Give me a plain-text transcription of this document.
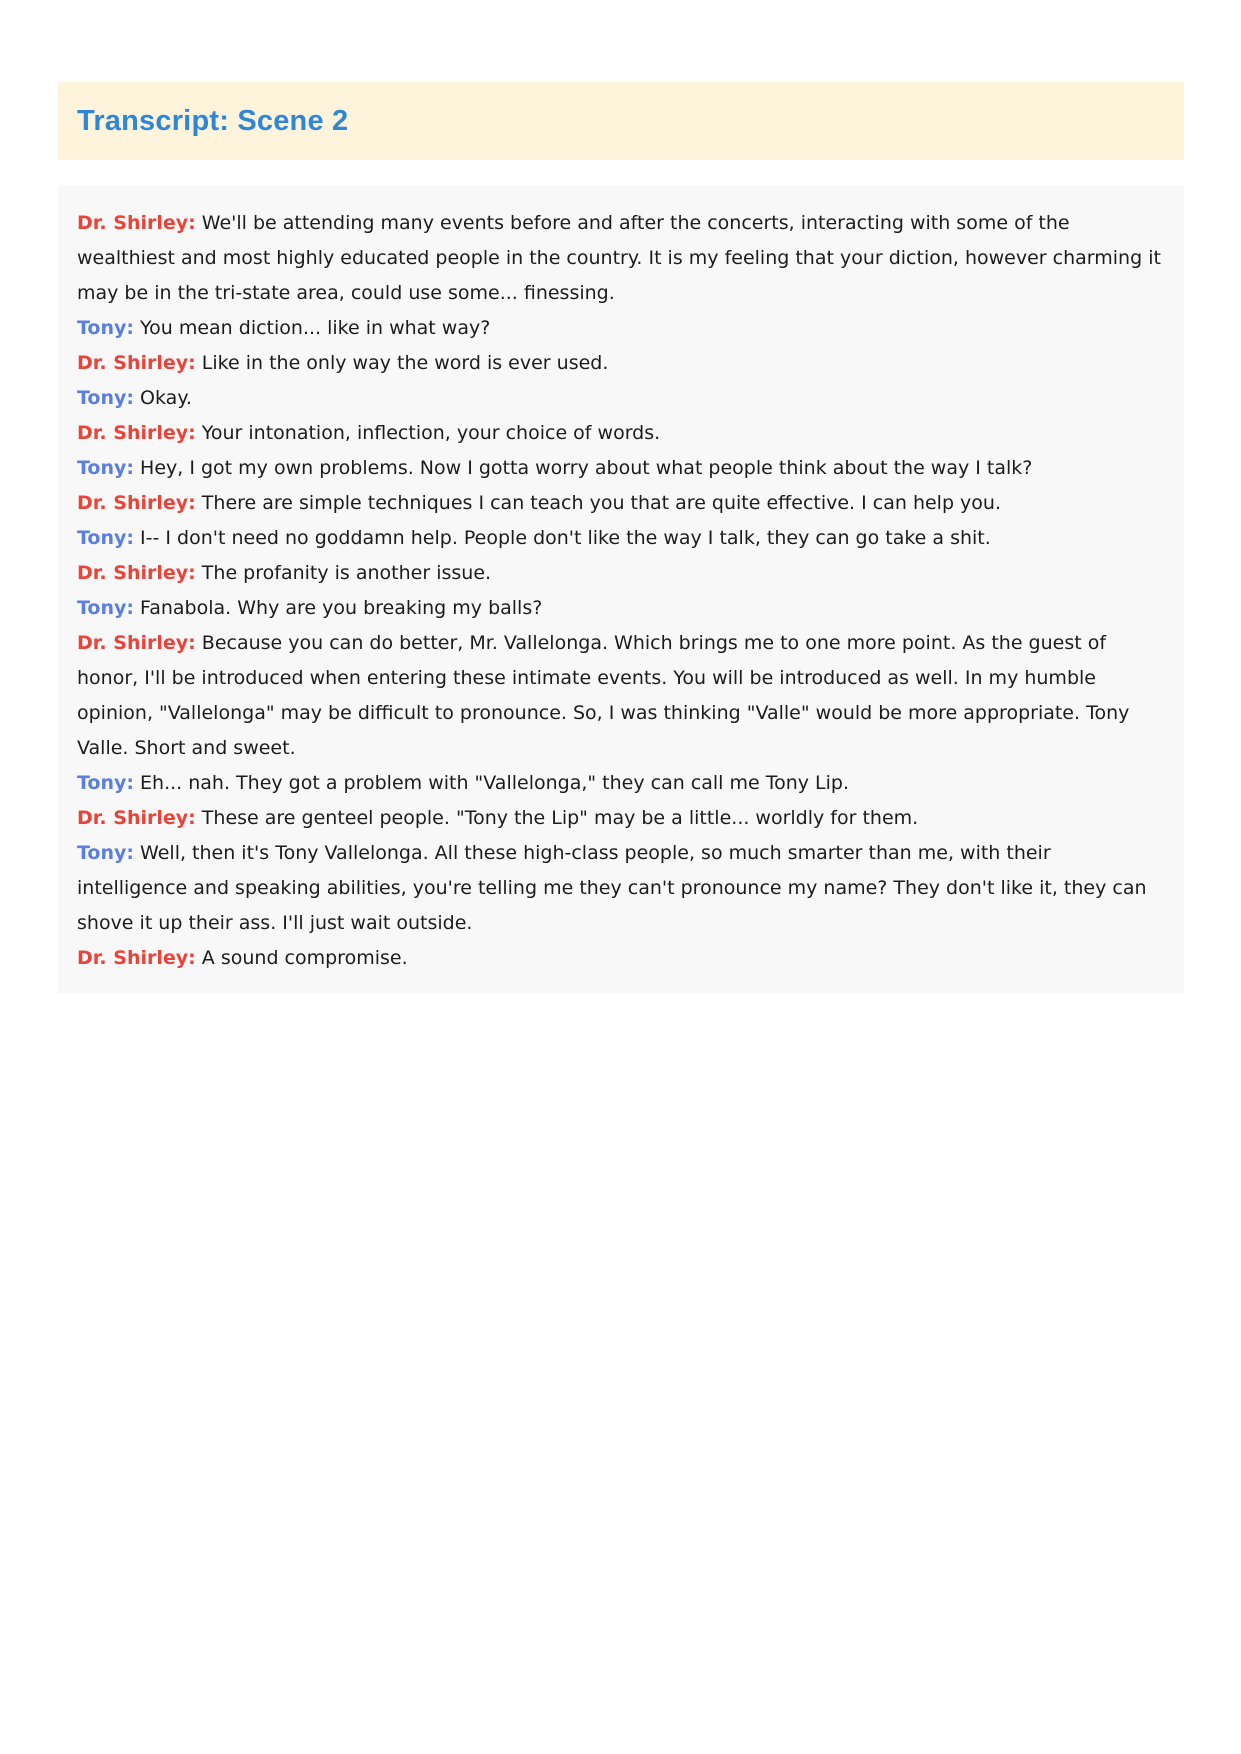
Transcript: Scene 2

Dr. Shirley: We'll be attending many events before and after the concerts, interacting with some of the wealthiest and most highly educated people in the country. It is my feeling that your diction, however charming it may be in the tri-state area, could use some... finessing.

Tony: You mean diction... like in what way?

Dr. Shirley: Like in the only way the word is ever used.

Tony: Okay.

Dr. Shirley: Your intonation, inflection, your choice of words.

Tony: Hey, I got my own problems. Now I gotta worry about what people think about the way I talk?

Dr. Shirley: There are simple techniques I can teach you that are quite effective. I can help you.

Tony: I-- I don't need no goddamn help. People don't like the way I talk, they can go take a shit.

Dr. Shirley: The profanity is another issue.

Tony: Fanabola. Why are you breaking my balls?

Dr. Shirley: Because you can do better, Mr. Vallelonga. Which brings me to one more point. As the guest of honor, I'll be introduced when entering these intimate events. You will be introduced as well. In my humble opinion, "Vallelonga" may be difficult to pronounce. So, I was thinking "Valle" would be more appropriate. Tony Valle. Short and sweet.

Tony: Eh... nah. They got a problem with "Vallelonga," they can call me Tony Lip.

Dr. Shirley: These are genteel people. "Tony the Lip" may be a little... worldly for them.

Tony: Well, then it's Tony Vallelonga. All these high-class people, so much smarter than me, with their intelligence and speaking abilities, you're telling me they can't pronounce my name? They don't like it, they can shove it up their ass. I'll just wait outside.

Dr. Shirley: A sound compromise.
